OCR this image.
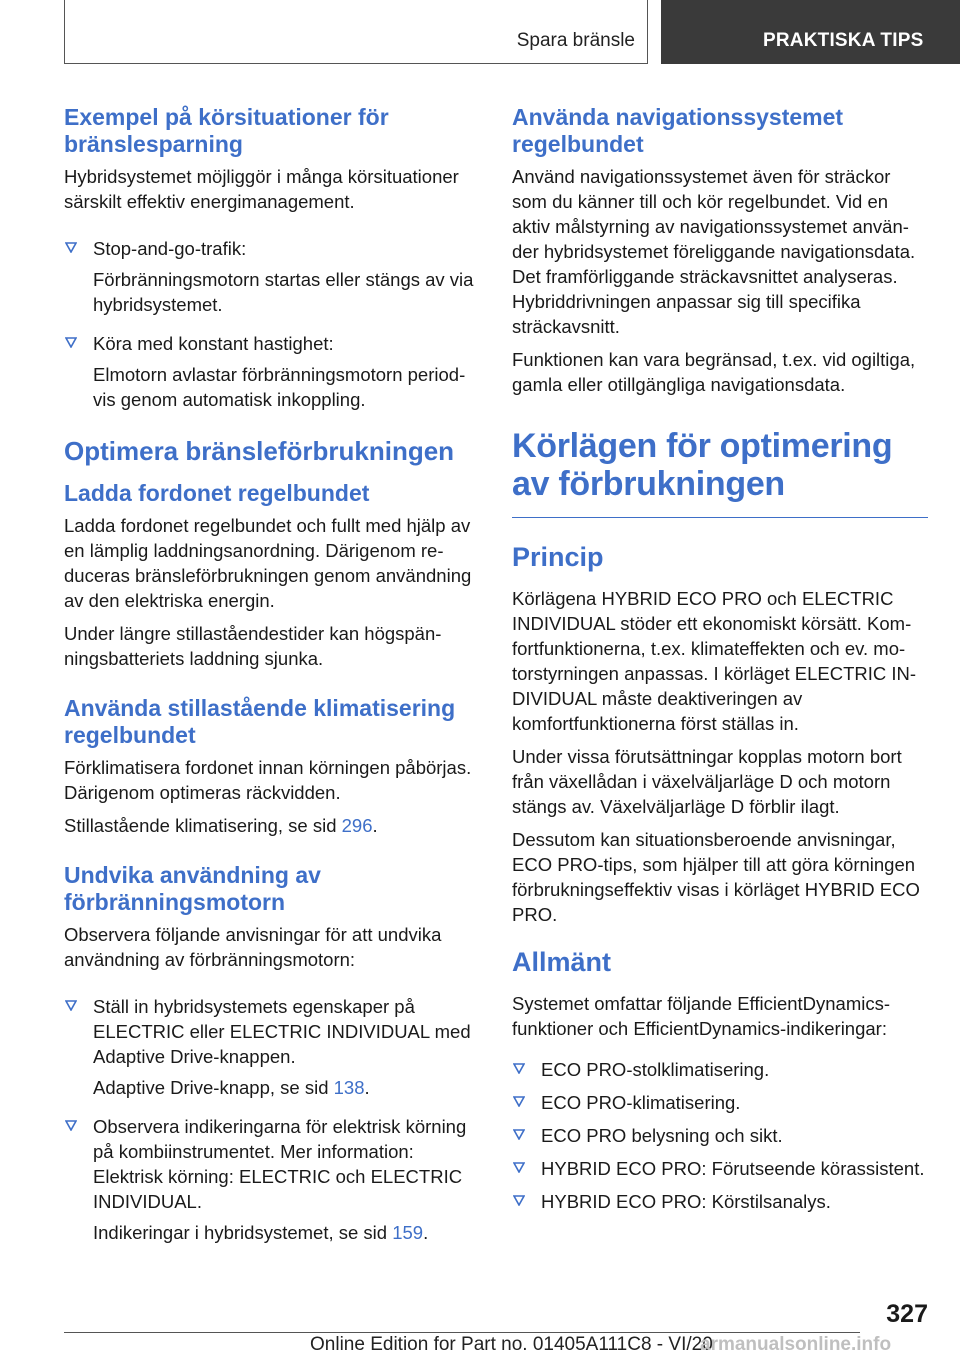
Spara bränsle	PRAKTISKA TIPS
Exempel på körsituationer för bränslesparning

Hybridsystemet möjliggör i många körsituationer särskilt effektiv energimanagement.

Stop-and-go-trafik:

Förbränningsmotorn startas eller stängs av via hybridsystemet.

Köra med konstant hastighet:

Elmotorn avlastar förbränningsmotorn periodvis genom automatisk inkoppling.

Optimera bränsleförbrukningen
Ladda fordonet regelbundet

Ladda fordonet regelbundet och fullt med hjälp av en lämplig laddningsanordning. Därigenom reduceras bränsleförbrukningen genom användning av den elektriska energin.

Under längre stillaståendestider kan högspänningsbatteriets laddning sjunka.

Använda stillastående klimatisering regelbundet

Förklimatisera fordonet innan körningen påbörjas. Därigenom optimeras räckvidden.

Stillastående klimatisering, se sid 296.

Undvika användning av förbränningsmotorn

Observera följande anvisningar för att undvika användning av förbränningsmotorn:

Ställ in hybridsystemets egenskaper på ELECTRIC eller ELECTRIC INDIVIDUAL med Adaptive Drive-knappen.

Adaptive Drive-knapp, se sid 138.

Observera indikeringarna för elektrisk körning på kombiinstrumentet. Mer information: Elektrisk körning: ELECTRIC och ELECTRIC INDIVIDUAL.

Indikeringar i hybridsystemet, se sid 159.

Använda navigationssystemet regelbundet

Använd navigationssystemet även för sträckor som du känner till och kör regelbundet. Vid en aktiv målstyrning av navigationssystemet använder hybridsystemet föreliggande navigationsdata. Det framförliggande sträckavsnittet analyseras. Hybriddrivningen anpassar sig till specifika sträckavsnitt.

Funktionen kan vara begränsad, t.ex. vid ogiltiga, gamla eller otillgängliga navigationsdata.

Körlägen för optimering av förbrukningen
Princip

Körlägena HYBRID ECO PRO och ELECTRIC INDIVIDUAL stöder ett ekonomiskt körsätt. Komfortfunktionerna, t.ex. klimateffekten och ev. motorstyrningen anpassas. I körläget ELECTRIC INDIVIDUAL måste deaktiveringen av komfortfunktionerna först ställas in.

Under vissa förutsättningar kopplas motorn bort från växellådan i växelväljarläge D och motorn stängs av. Växelväljarläge D förblir ilagt.

Dessutom kan situationsberoende anvisningar, ECO PRO-tips, som hjälper till att göra körningen förbrukningseffektiv visas i körläget HYBRID ECO PRO.

Allmänt

Systemet omfattar följande EfficientDynamics-funktioner och EfficientDynamics-indikeringar:

ECO PRO-stolklimatisering.

ECO PRO-klimatisering.

ECO PRO belysning och sikt.

HYBRID ECO PRO: Förutseende körassistent.

HYBRID ECO PRO: Körstilsanalys.

327
Online Edition for Part no. 01405A111C8 - VI/20
armanualsonline.info
